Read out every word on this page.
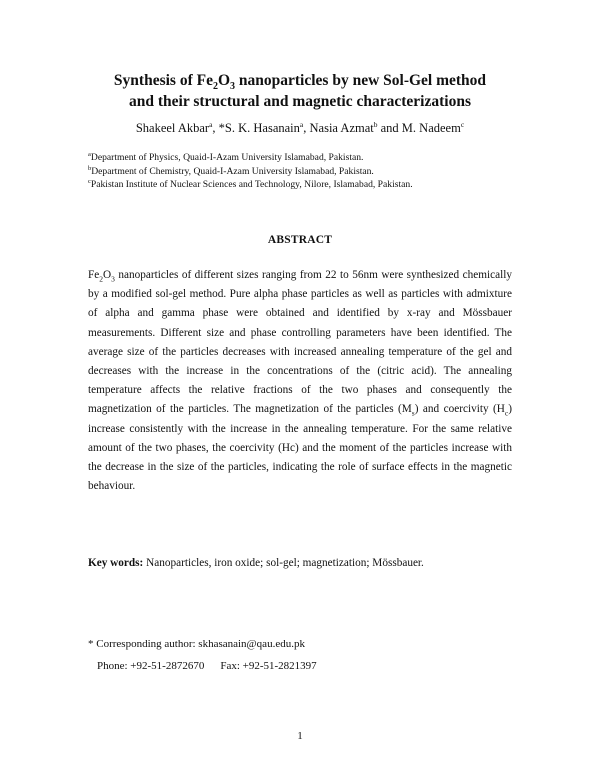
Synthesis of $Fe_2O_3$ nanoparticles by new Sol-Gel method
and their structural and magnetic characterizations
Shakeel Akbar$^a$, *S. K. Hasanain$^a$, Nasia Azmat$^b$ and M. Nadeem$^c$
$^a$Department of Physics, Quaid-I-Azam University Islamabad, Pakistan.
$^b$Department of Chemistry, Quaid-I-Azam University Islamabad, Pakistan.
$^c$Pakistan Institute of Nuclear Sciences and Technology, Nilore, Islamabad, Pakistan.
ABSTRACT
$Fe_2O_3$ nanoparticles of different sizes ranging from 22 to 56nm were synthesized chemically by a modified sol-gel method. Pure alpha phase particles as well as particles with admixture of alpha and gamma phase were obtained and identified by x-ray and Mössbauer measurements. Different size and phase controlling parameters have been identified. The average size of the particles decreases with increased annealing temperature of the gel and decreases with the increase in the concentrations of the (citric acid). The annealing temperature affects the relative fractions of the two phases and consequently the magnetization of the particles. The magnetization of the particles $(M_s)$ and coercivity $(H_c)$ increase consistently with the increase in the annealing temperature. For the same relative amount of the two phases, the coercivity (Hc) and the moment of the particles increase with the decrease in the size of the particles, indicating the role of surface effects in the magnetic behaviour.
Key words: Nanoparticles, iron oxide; sol-gel; magnetization; Mössbauer.
* Corresponding author: skhasanain@qau.edu.pk
Phone: +92-51-2872670 Fax: +92-51-2821397
1
